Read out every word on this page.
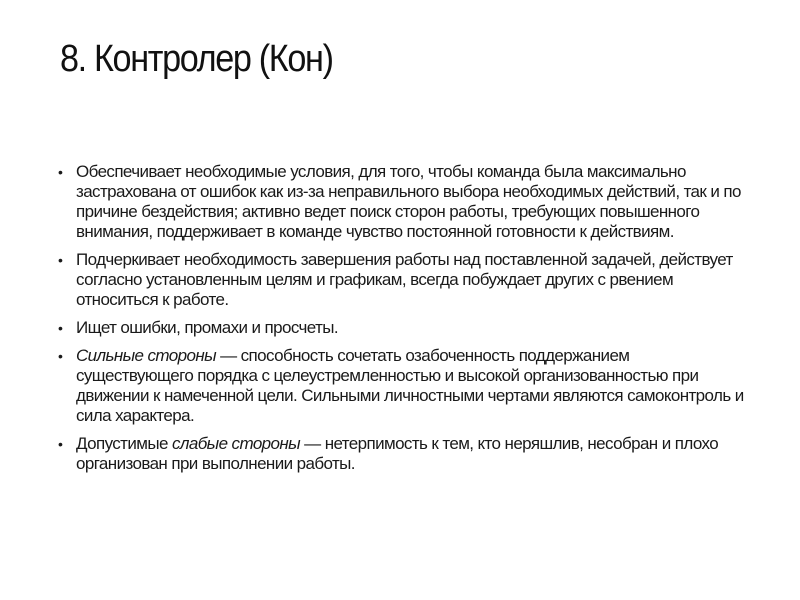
8. Контролер (Кон)
• Обеспечивает необходимые условия, для того, чтобы команда была максимально застрахована от ошибок как из-за неправильного выбора необходимых действий, так и по причине бездействия; активно ведет поиск сторон работы, требующих повышенного внимания, поддерживает в команде чувство постоянной готовности к действиям.
• Подчеркивает необходимость завершения работы над поставленной задачей, действует согласно установленным целям и графикам, всегда побуждает других с рвением относиться к работе.
• Ищет ошибки, промахи и просчеты.
• Сильные стороны — способность сочетать озабоченность поддержанием существующего порядка с целеустремленностью и высокой организованностью при движении к намеченной цели. Сильными личностными чертами являются самоконтроль и сила характера.
• Допустимые слабые стороны — нетерпимость к тем, кто неряшлив, несобран и плохо организован при выполнении работы.
